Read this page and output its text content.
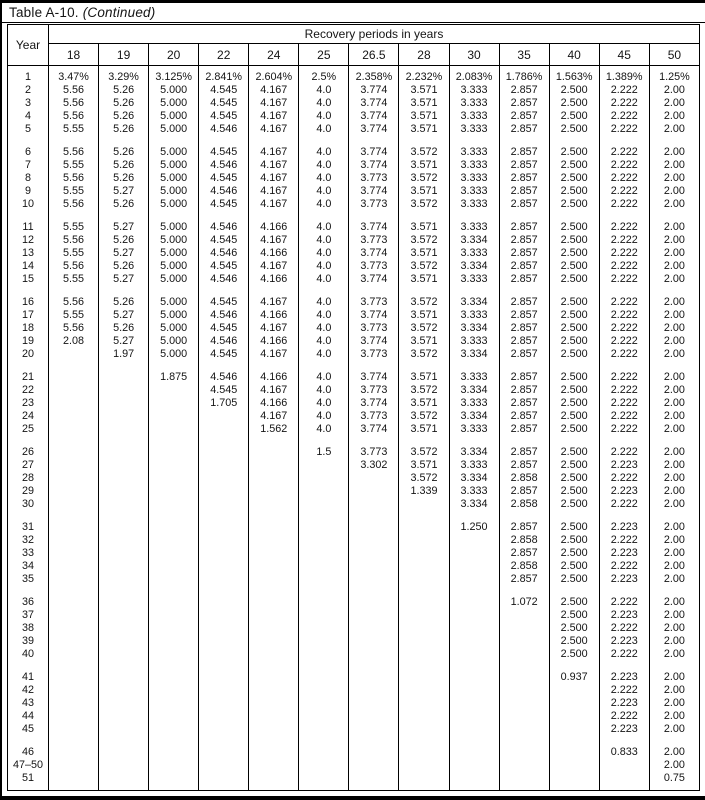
Table A-10. (Continued)
Year	Recovery periods in years												
	18	19	20	22	24	25	26.5	28	30	35	40	45	50

1	3.47%	3.29%	3.125%	2.841%	2.604%	2.5%	2.358%	2.232%	2.083%	1.786%	1.563%	1.389%	1.25%
2	5.56	5.26	5.000	4.545	4.167	4.0	3.774	3.571	3.333	2.857	2.500	2.222	2.00
3	5.56	5.26	5.000	4.545	4.167	4.0	3.774	3.571	3.333	2.857	2.500	2.222	2.00
4	5.56	5.26	5.000	4.545	4.167	4.0	3.774	3.571	3.333	2.857	2.500	2.222	2.00
5	5.55	5.26	5.000	4.546	4.167	4.0	3.774	3.571	3.333	2.857	2.500	2.222	2.00

6	5.56	5.26	5.000	4.545	4.167	4.0	3.774	3.572	3.333	2.857	2.500	2.222	2.00
7	5.55	5.26	5.000	4.546	4.167	4.0	3.774	3.571	3.333	2.857	2.500	2.222	2.00
8	5.56	5.26	5.000	4.545	4.167	4.0	3.773	3.572	3.333	2.857	2.500	2.222	2.00
9	5.55	5.27	5.000	4.546	4.167	4.0	3.774	3.571	3.333	2.857	2.500	2.222	2.00
10	5.56	5.26	5.000	4.545	4.167	4.0	3.773	3.572	3.333	2.857	2.500	2.222	2.00

11	5.55	5.27	5.000	4.546	4.166	4.0	3.774	3.571	3.333	2.857	2.500	2.222	2.00
12	5.56	5.26	5.000	4.545	4.167	4.0	3.773	3.572	3.334	2.857	2.500	2.222	2.00
13	5.55	5.27	5.000	4.546	4.166	4.0	3.774	3.571	3.333	2.857	2.500	2.222	2.00
14	5.56	5.26	5.000	4.545	4.167	4.0	3.773	3.572	3.334	2.857	2.500	2.222	2.00
15	5.55	5.27	5.000	4.546	4.166	4.0	3.774	3.571	3.333	2.857	2.500	2.222	2.00

16	5.56	5.26	5.000	4.545	4.167	4.0	3.773	3.572	3.334	2.857	2.500	2.222	2.00
17	5.55	5.27	5.000	4.546	4.166	4.0	3.774	3.571	3.333	2.857	2.500	2.222	2.00
18	5.56	5.26	5.000	4.545	4.167	4.0	3.773	3.572	3.334	2.857	2.500	2.222	2.00
19	2.08	5.27	5.000	4.546	4.166	4.0	3.774	3.571	3.333	2.857	2.500	2.222	2.00
20		1.97	5.000	4.545	4.167	4.0	3.773	3.572	3.334	2.857	2.500	2.222	2.00

21			1.875	4.546	4.166	4.0	3.774	3.571	3.333	2.857	2.500	2.222	2.00
22				4.545	4.167	4.0	3.773	3.572	3.334	2.857	2.500	2.222	2.00
23				1.705	4.166	4.0	3.774	3.571	3.333	2.857	2.500	2.222	2.00
24					4.167	4.0	3.773	3.572	3.334	2.857	2.500	2.222	2.00
25					1.562	4.0	3.774	3.571	3.333	2.857	2.500	2.222	2.00

26						1.5	3.773	3.572	3.334	2.857	2.500	2.222	2.00
27							3.302	3.571	3.333	2.857	2.500	2.223	2.00
28								3.572	3.334	2.858	2.500	2.222	2.00
29								1.339	3.333	2.857	2.500	2.223	2.00
30									3.334	2.858	2.500	2.222	2.00

31									1.250	2.857	2.500	2.223	2.00
32										2.858	2.500	2.222	2.00
33										2.857	2.500	2.223	2.00
34										2.858	2.500	2.222	2.00
35										2.857	2.500	2.223	2.00

36										1.072	2.500	2.222	2.00
37											2.500	2.223	2.00
38											2.500	2.222	2.00
39											2.500	2.223	2.00
40											2.500	2.222	2.00

41											0.937	2.223	2.00
42												2.222	2.00
43												2.223	2.00
44												2.222	2.00
45												2.223	2.00

46												0.833	2.00
47–50													2.00
51													0.75
